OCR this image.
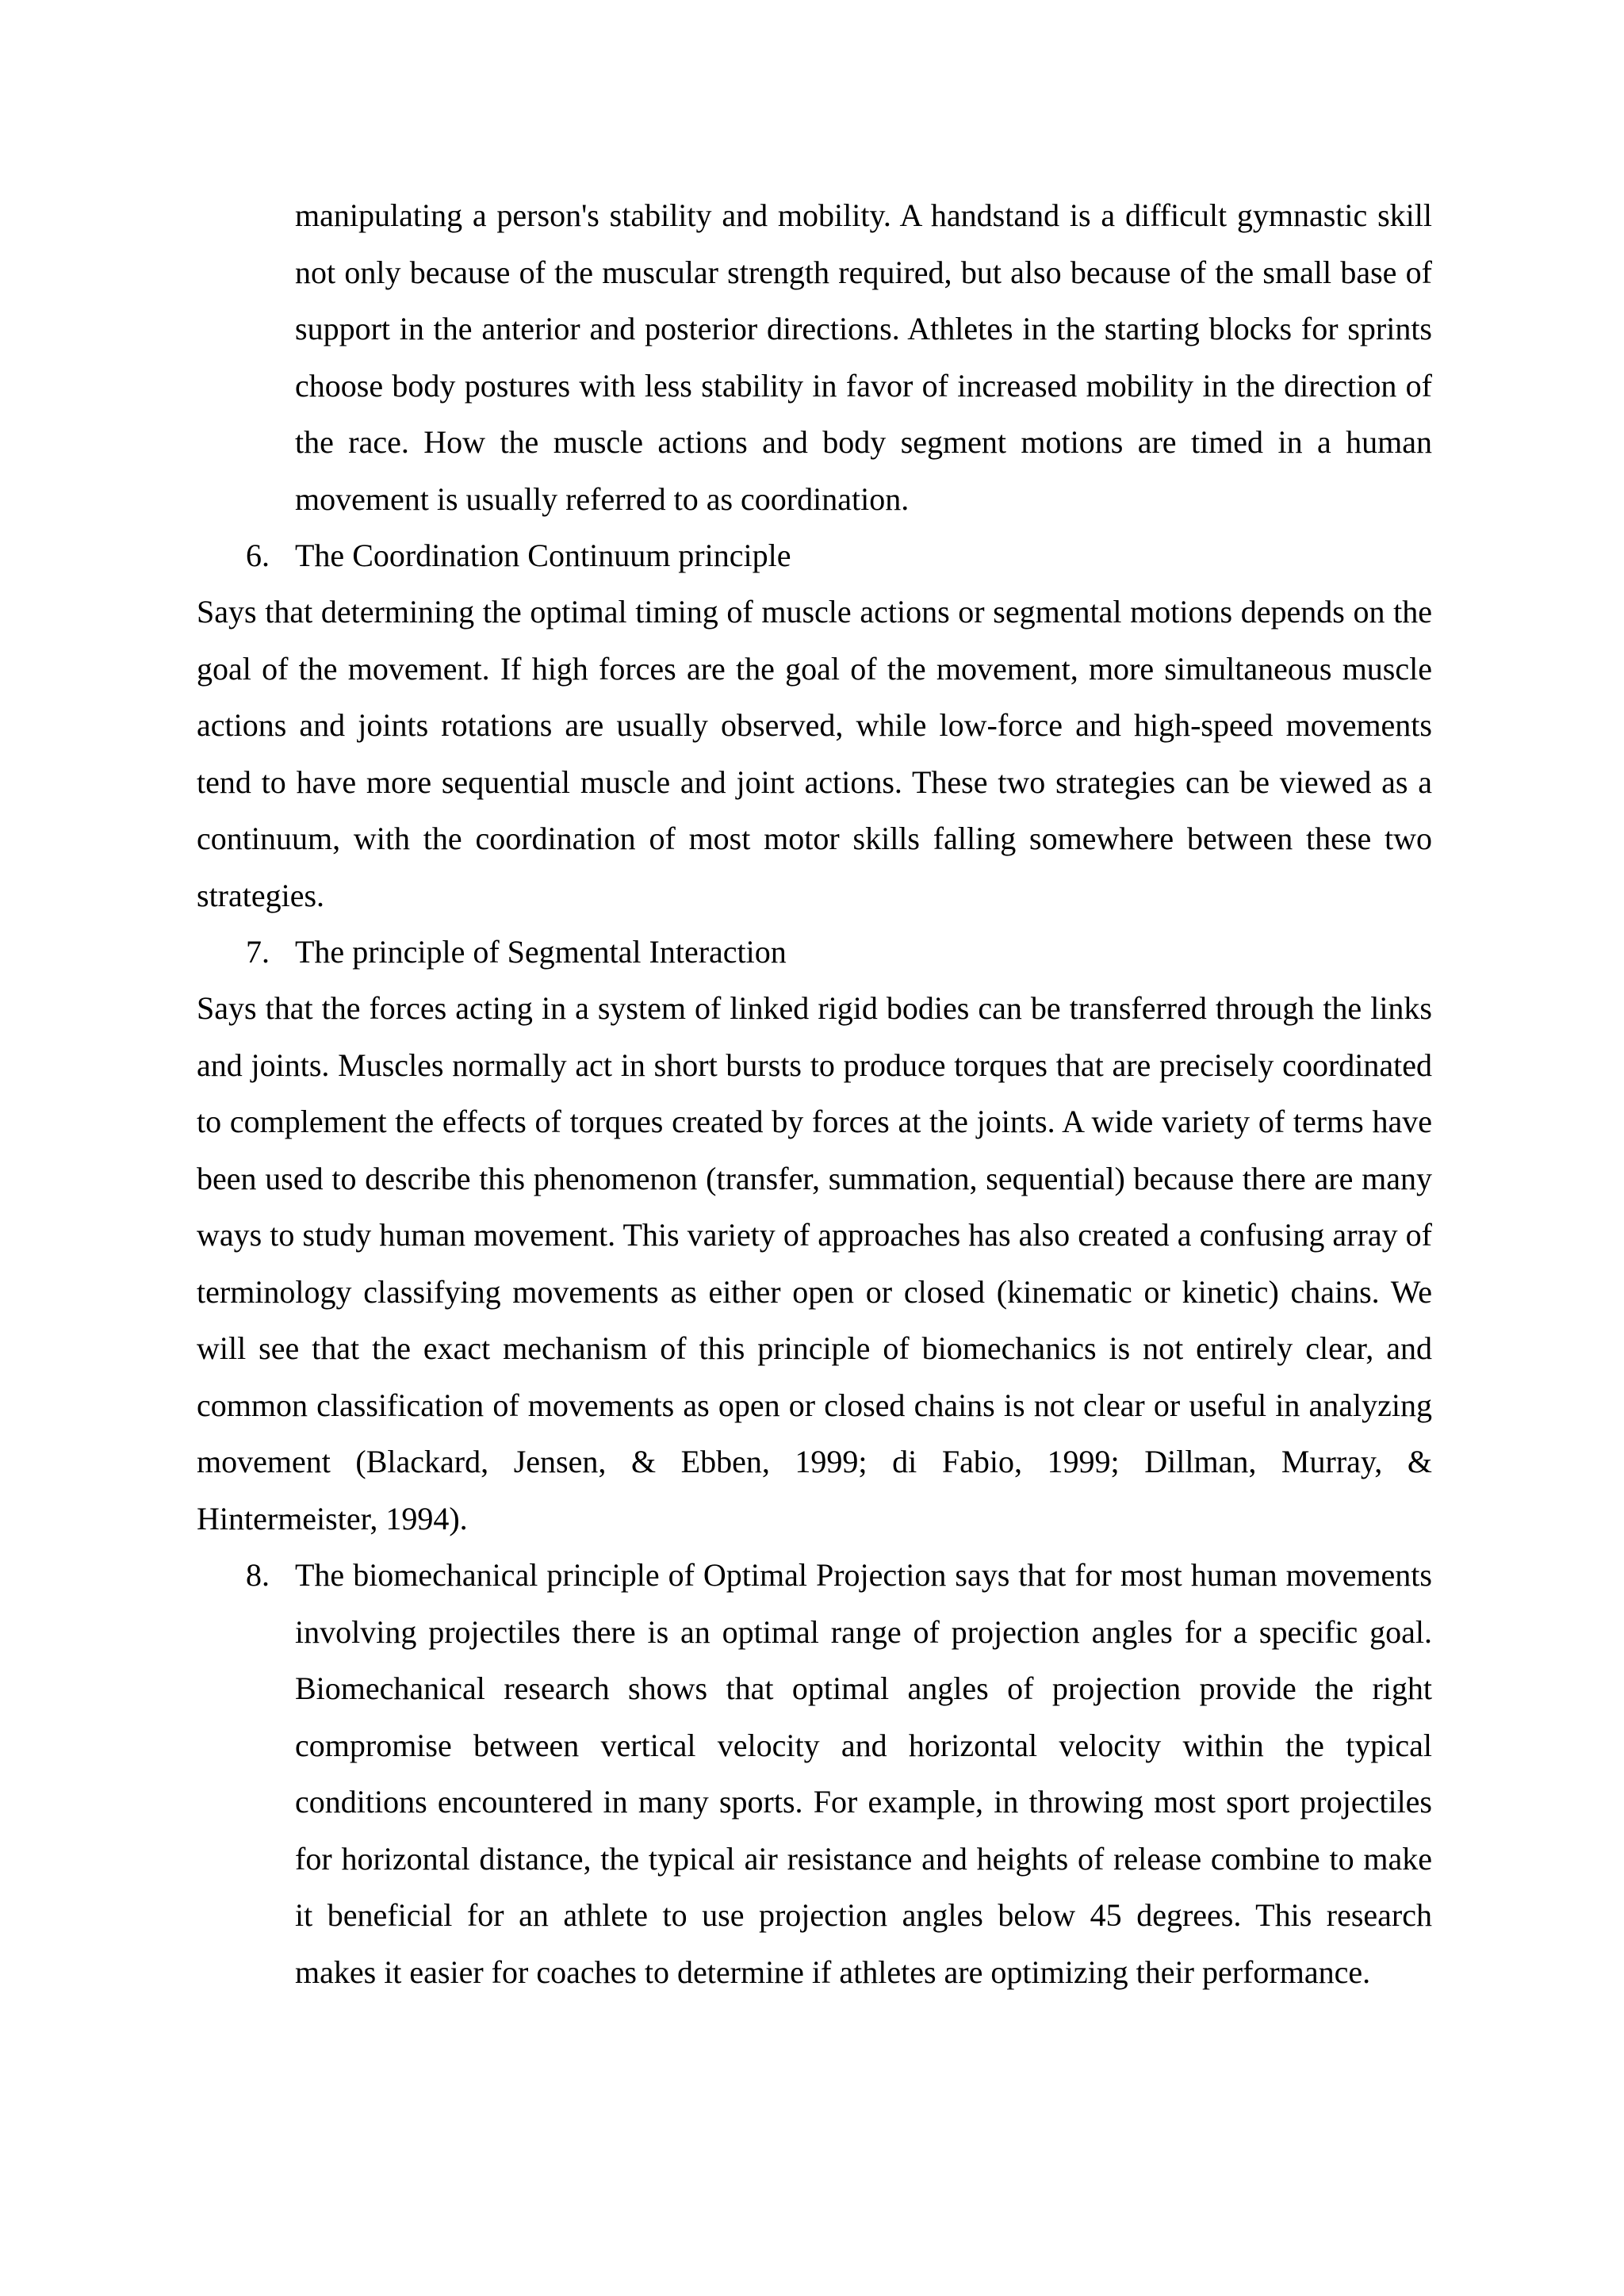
manipulating a person's stability and mobility. A handstand is a difficult gymnastic skill not only because of the muscular strength required, but also because of the small base of support in the anterior and posterior directions. Athletes in the starting blocks for sprints choose body postures with less stability in favor of increased mobility in the direction of the race. How the muscle actions and body segment motions are timed in a human movement is usually referred to as coordination.

6. The Coordination Continuum principle

Says that determining the optimal timing of muscle actions or segmental motions depends on the goal of the movement. If high forces are the goal of the movement, more simultaneous muscle actions and joints rotations are usually observed, while low-force and high-speed movements tend to have more sequential muscle and joint actions. These two strategies can be viewed as a continuum, with the coordination of most motor skills falling somewhere between these two strategies.

7. The principle of Segmental Interaction

Says that the forces acting in a system of linked rigid bodies can be transferred through the links and joints. Muscles normally act in short bursts to produce torques that are precisely coordinated to complement the effects of torques created by forces at the joints. A wide variety of terms have been used to describe this phenomenon (transfer, summation, sequential) because there are many ways to study human movement. This variety of approaches has also created a confusing array of terminology classifying movements as either open or closed (kinematic or kinetic) chains. We will see that the exact mechanism of this principle of biomechanics is not entirely clear, and common classification of movements as open or closed chains is not clear or useful in analyzing movement (Blackard, Jensen, & Ebben, 1999; di Fabio, 1999; Dillman, Murray, & Hintermeister, 1994).

8. The biomechanical principle of Optimal Projection says that for most human movements involving projectiles there is an optimal range of projection angles for a specific goal. Biomechanical research shows that optimal angles of projection provide the right compromise between vertical velocity and horizontal velocity within the typical conditions encountered in many sports. For example, in throwing most sport projectiles for horizontal distance, the typical air resistance and heights of release combine to make it beneficial for an athlete to use projection angles below 45 degrees. This research makes it easier for coaches to determine if athletes are optimizing their performance.
